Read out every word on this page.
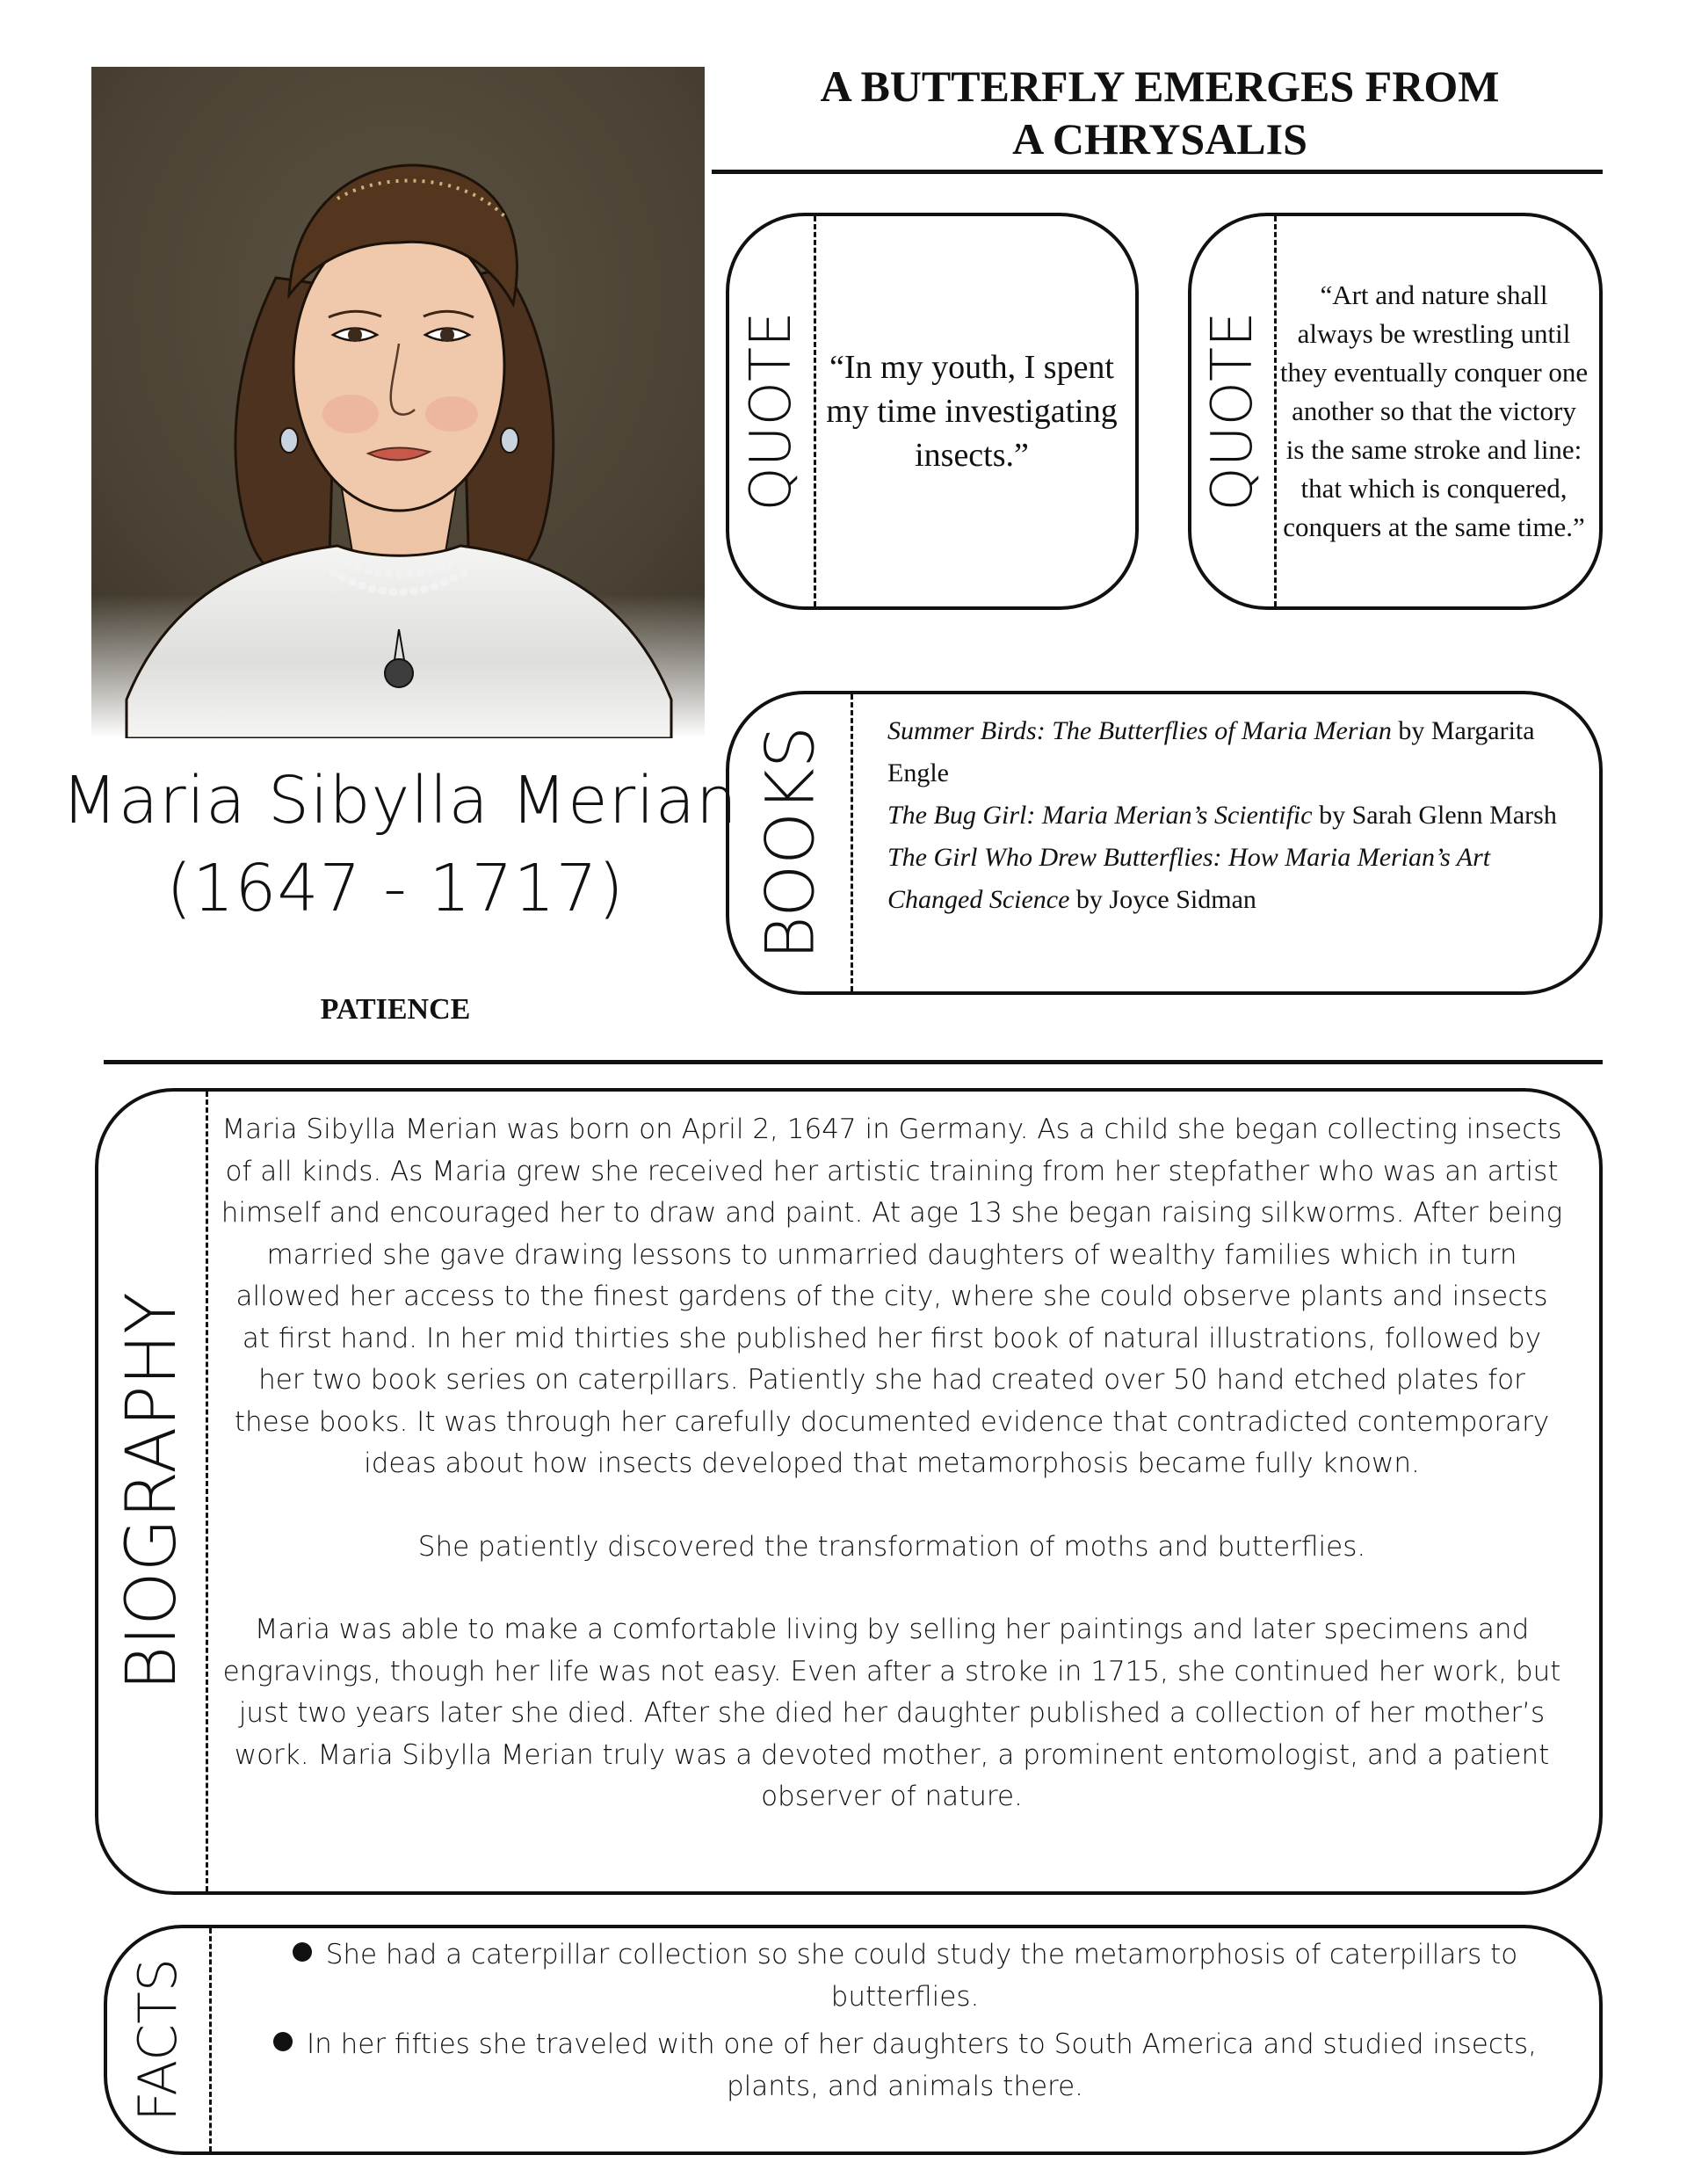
Maria Sibylla Merian
(1647 - 1717)
PATIENCE
A BUTTERFLY EMERGES FROM
A CHRYSALIS
QUOTE “In my youth, I spent my time investigating insects.”	QUOTE
“Art and nature shall always be wrestling until they eventually conquer one another so that the victory is the same stroke and line: that which is conquered, conquers at the same time.”
BOOKS Summer Birds: The Butterflies of Maria Merian by Margarita Engle
The Bug Girl: Maria Merian’s Scientific by Sarah Glenn Marsh
The Girl Who Drew Butterflies: How Maria Merian’s Art Changed Science by Joyce Sidman
BIOGRAPHY

Maria Sibylla Merian was born on April 2, 1647 in Germany. As a child she began collecting insects of all kinds. As Maria grew she received her artistic training from her stepfather who was an artist himself and encouraged her to draw and paint. At age 13 she began raising silkworms. After being married she gave drawing lessons to unmarried daughters of wealthy families which in turn allowed her access to the finest gardens of the city, where she could observe plants and insects at first hand. In her mid thirties she published her first book of natural illustrations, followed by her two book series on caterpillars. Patiently she had created over 50 hand etched plates for these books. It was through her carefully documented evidence that contradicted contemporary ideas about how insects developed that metamorphosis became fully known.

She patiently discovered the transformation of moths and butterflies.

Maria was able to make a comfortable living by selling her paintings and later specimens and engravings, though her life was not easy. Even after a stroke in 1715, she continued her work, but just two years later she died. After she died her daughter published a collection of her mother’s work. Maria Sibylla Merian truly was a devoted mother, a prominent entomologist, and a patient observer of nature.

FACTS
She had a caterpillar collection so she could study the metamorphosis of caterpillars to butterflies.
In her fifties she traveled with one of her daughters to South America and studied insects, plants, and animals there.
